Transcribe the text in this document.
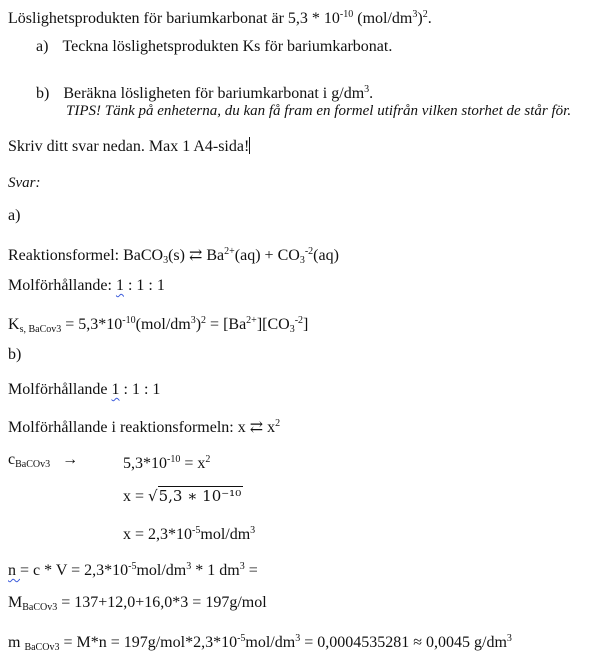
Löslighetsprodukten för bariumkarbonat är $5,3 * 10^{-10}$ $(mol/dm^3)^2$.
a) Teckna löslighetsprodukten Ks för bariumkarbonat.
b) Beräkna lösligheten för bariumkarbonat i $g/dm^3$.
TIPS! Tänk på enheterna, du kan få fram en formel utifrån vilken storhet de står för.
Skriv ditt svar nedan. Max 1 A4-sida!
Svar:
a)
Reaktionsformel: BaCO$_3$(s) ⇄ $Ba^{2+}(aq) + CO_3^{-2}(aq)$
Molförhållande: 1 : 1 : 1
$K_{s, BaCov3} = 5,3*10^{-10}(mol/dm^3)^2 = [Ba^{2+}][CO_3^{-2}]$
b)
Molförhållande 1 : 1 : 1
Molförhållande i reaktionsformeln: x ⇄ $x^2$
$c_{BaCOv3}$ →	$5,3*10^{-10} = x^2$
x = √5,3 ∗ 10⁻¹⁰
$x = 2,3*10^{-5}mol/dm^3$
$n = c * V = 2,3*10^{-5}mol/dm^3 * 1$ $dm^3$ =
$M_{BaCOv3} = 137+12,0+16,0*3 = 197g/mol$
m $_{BaCOv3} = M*n = 197g/mol*2,3*10^{-5}mol/dm^3 = 0,0004535281 \approx 0,0045$ $g/dm^3$
